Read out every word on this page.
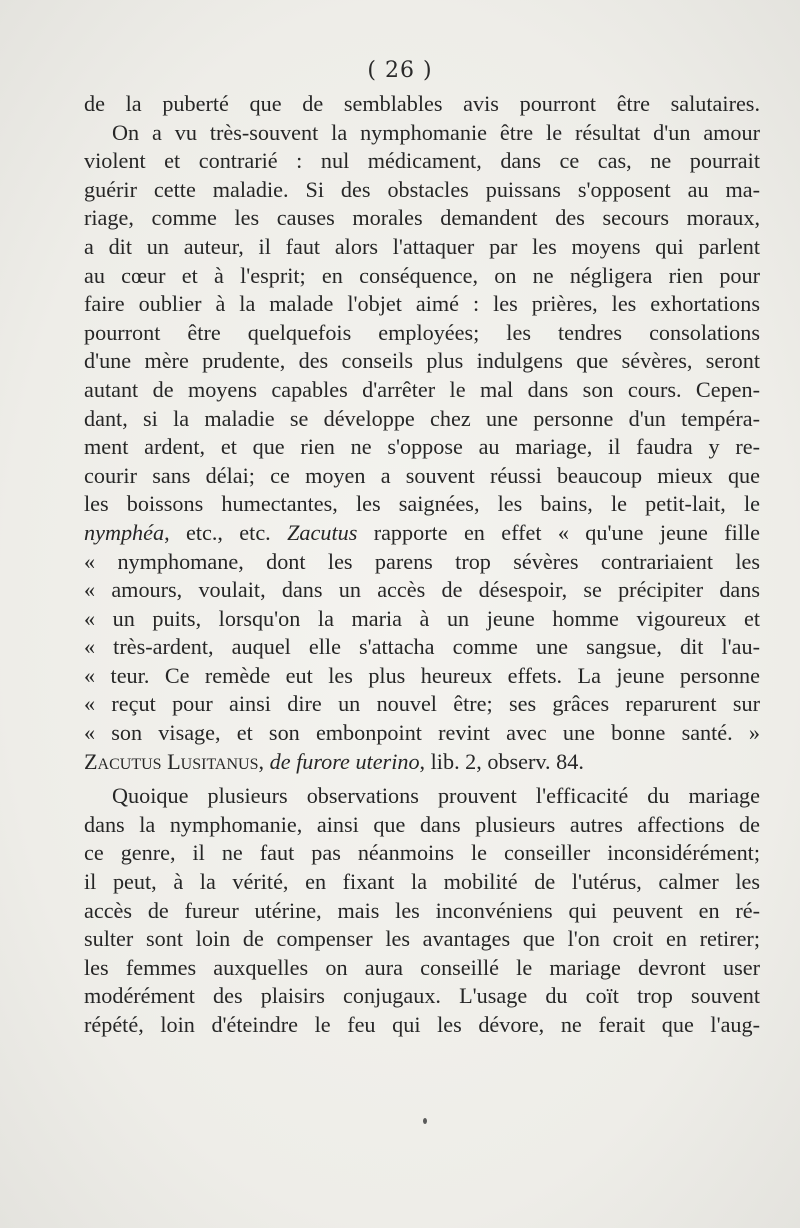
( 26 )
de la puberté que de semblables avis pourront être salutaires.
On a vu très-souvent la nymphomanie être le résultat d'un amour
violent et contrarié : nul médicament, dans ce cas, ne pourrait
guérir cette maladie. Si des obstacles puissans s'opposent au ma-
riage, comme les causes morales demandent des secours moraux,
a dit un auteur, il faut alors l'attaquer par les moyens qui parlent
au cœur et à l'esprit; en conséquence, on ne négligera rien pour
faire oublier à la malade l'objet aimé : les prières, les exhortations
pourront être quelquefois employées; les tendres consolations
d'une mère prudente, des conseils plus indulgens que sévères, seront
autant de moyens capables d'arrêter le mal dans son cours. Cepen-
dant, si la maladie se développe chez une personne d'un tempéra-
ment ardent, et que rien ne s'oppose au mariage, il faudra y re-
courir sans délai; ce moyen a souvent réussi beaucoup mieux que
les boissons humectantes, les saignées, les bains, le petit-lait, le
nymphéa, etc., etc. Zacutus rapporte en effet « qu'une jeune fille
« nymphomane, dont les parens trop sévères contrariaient les
« amours, voulait, dans un accès de désespoir, se précipiter dans
« un puits, lorsqu'on la maria à un jeune homme vigoureux et
« très-ardent, auquel elle s'attacha comme une sangsue, dit l'au-
« teur. Ce remède eut les plus heureux effets. La jeune personne
« reçut pour ainsi dire un nouvel être; ses grâces reparurent sur
« son visage, et son embonpoint revint avec une bonne santé. »
Zacutus Lusitanus, de furore uterino, lib. 2, observ. 84.
Quoique plusieurs observations prouvent l'efficacité du mariage
dans la nymphomanie, ainsi que dans plusieurs autres affections de
ce genre, il ne faut pas néanmoins le conseiller inconsidérément;
il peut, à la vérité, en fixant la mobilité de l'utérus, calmer les
accès de fureur utérine, mais les inconvéniens qui peuvent en ré-
sulter sont loin de compenser les avantages que l'on croit en retirer;
les femmes auxquelles on aura conseillé le mariage devront user
modérément des plaisirs conjugaux. L'usage du coït trop souvent
répété, loin d'éteindre le feu qui les dévore, ne ferait que l'aug-
